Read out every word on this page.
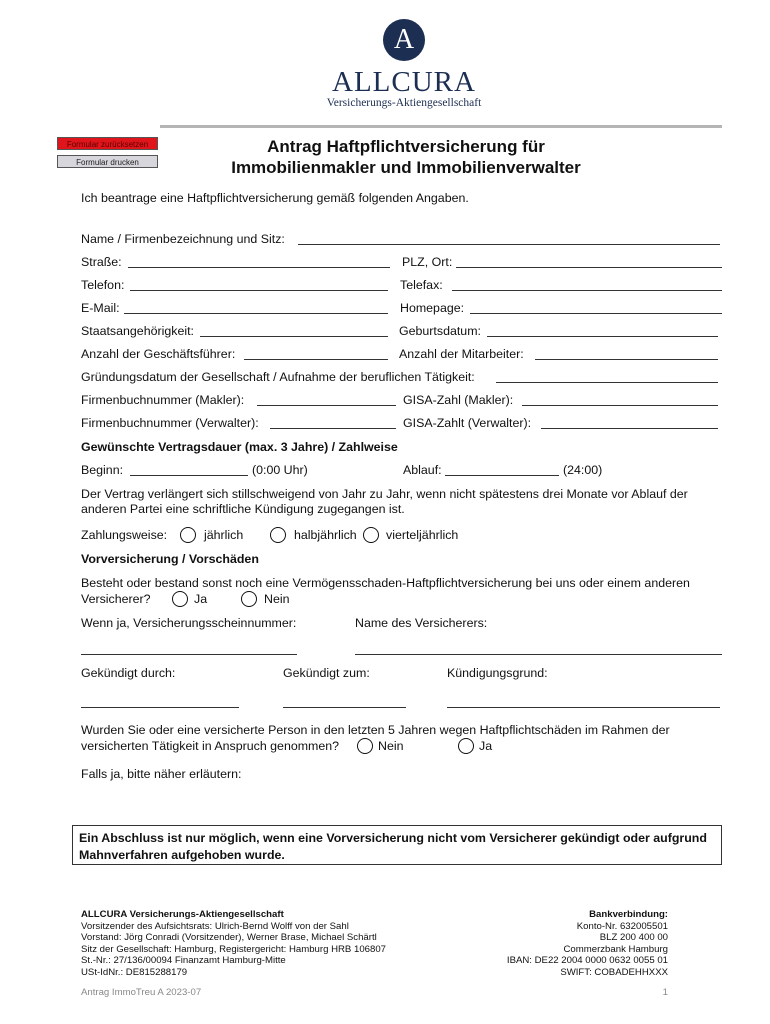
A
ALLCURA
Versicherungs-Aktiengesellschaft
Formular zurücksetzen
Formular drucken
Antrag Haftpflichtversicherung für
Immobilienmakler und Immobilienverwalter
Ich beantrage eine Haftpflichtversicherung gemäß folgenden Angaben.
Name / Firmenbezeichnung und Sitz:
Straße:	PLZ, Ort:
Telefon:	Telefax:
E-Mail:	Homepage:
Staatsangehörigkeit:	Geburtsdatum:
Anzahl der Geschäftsführer:	Anzahl der Mitarbeiter:
Gründungsdatum der Gesellschaft / Aufnahme der beruflichen Tätigkeit:
Firmenbuchnummer (Makler):	GISA-Zahl (Makler):
Firmenbuchnummer (Verwalter):	GISA-Zahlt (Verwalter):
Gewünschte Vertragsdauer (max. 3 Jahre) / Zahlweise
Beginn:	(0:00 Uhr)	Ablauf:	(24:00)
Der Vertrag verlängert sich stillschweigend von Jahr zu Jahr, wenn nicht spätestens drei Monate vor Ablauf der anderen Partei eine schriftliche Kündigung zugegangen ist.
Zahlungsweise:	jährlich	halbjährlich vierteljährlich
Vorversicherung / Vorschäden
Besteht oder bestand sonst noch eine Vermögensschaden-Haftpflichtversicherung bei uns oder einem anderen
Versicherer?	Ja	Nein
Wenn ja, Versicherungsscheinnummer:	Name des Versicherers:
Gekündigt durch:	Gekündigt zum:	Kündigungsgrund:
Wurden Sie oder eine versicherte Person in den letzten 5 Jahren wegen Haftpflichtschäden im Rahmen der
versicherten Tätigkeit in Anspruch genommen?	Nein	Ja
Falls ja, bitte näher erläutern:
Ein Abschluss ist nur möglich, wenn eine Vorversicherung nicht vom Versicherer gekündigt oder aufgrund Mahnverfahren aufgehoben wurde.
ALLCURA Versicherungs-Aktiengesellschaft
Vorsitzender des Aufsichtsrats: Ulrich-Bernd Wolff von der Sahl
Vorstand: Jörg Conradi (Vorsitzender), Werner Brase, Michael Schärtl
Sitz der Gesellschaft: Hamburg, Registergericht: Hamburg HRB 106807
St.-Nr.: 27/136/00094 Finanzamt Hamburg-Mitte
USt-IdNr.: DE815288179
Bankverbindung:
Konto-Nr. 632005501
BLZ 200 400 00
Commerzbank Hamburg
IBAN: DE22 2004 0000 0632 0055 01
SWIFT: COBADEHHXXX
Antrag ImmoTreu A 2023-07	1
